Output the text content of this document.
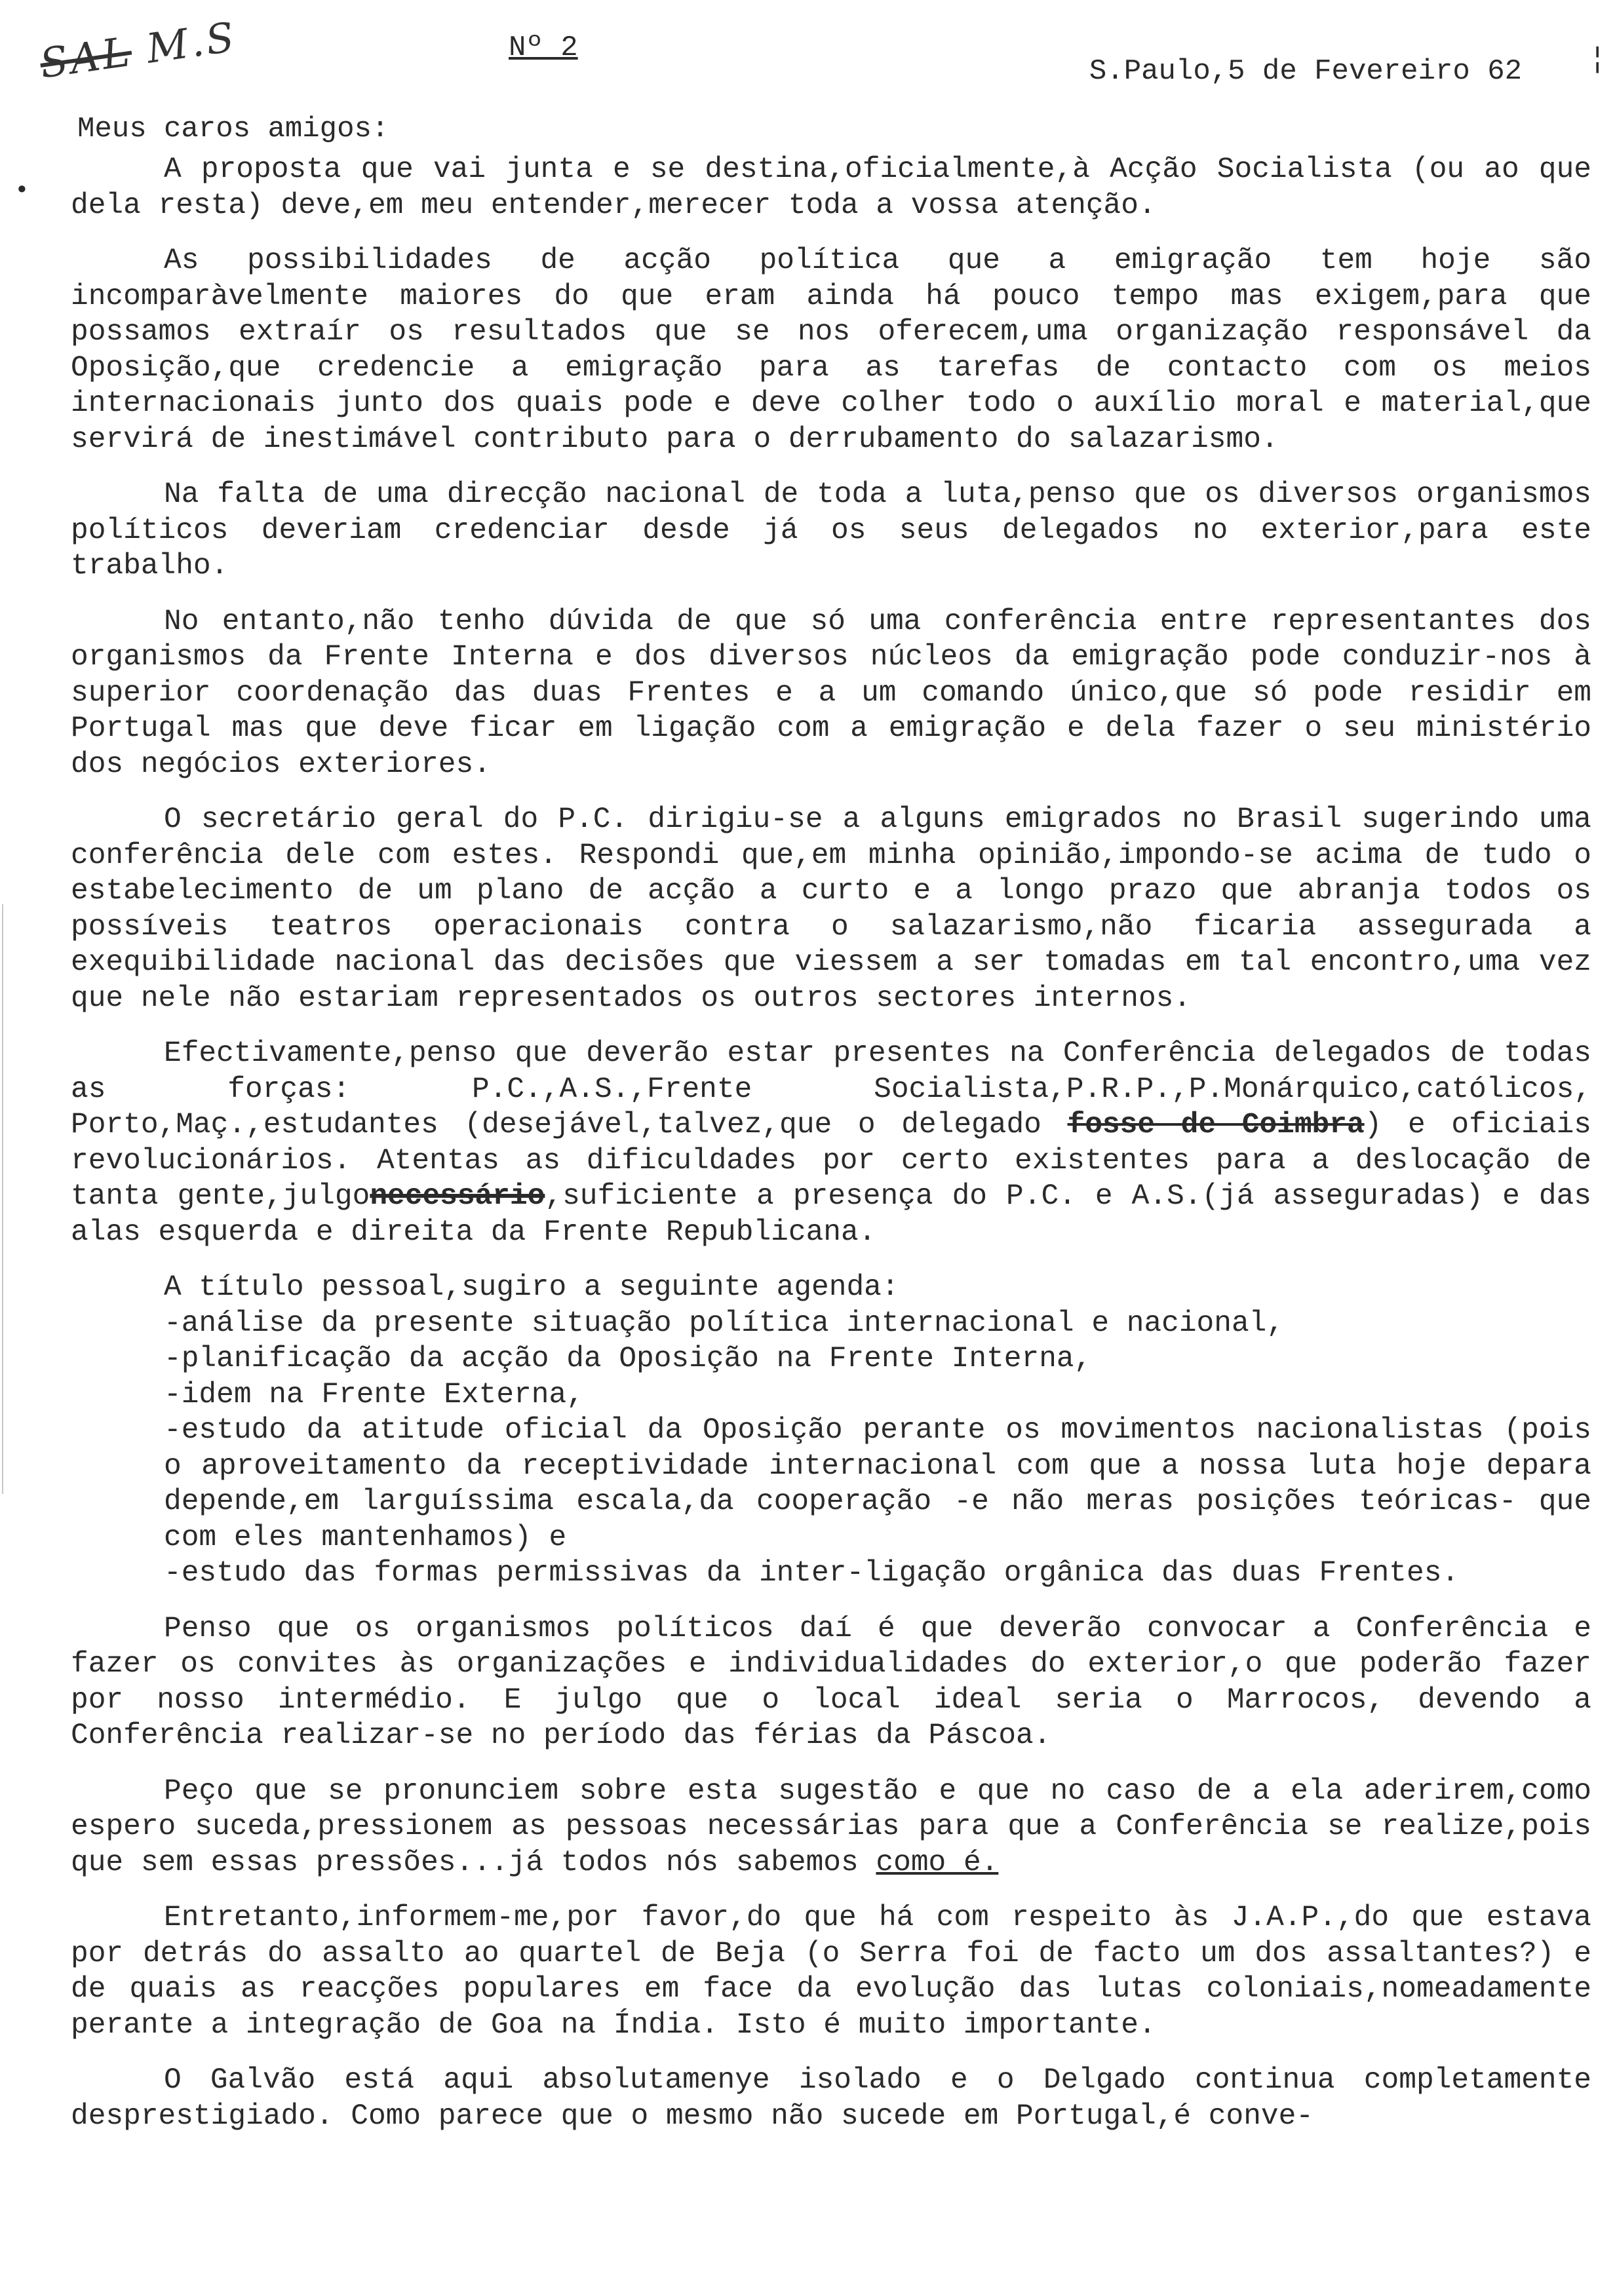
SAL M.S	Nº 2
S.Paulo,5 de Fevereiro 62 ¦
•
Meus caros amigos:

A proposta que vai junta e se destina,oficialmente,à Acção Socialista (ou ao que dela resta) deve,em meu entender,merecer toda a vossa atenção.

As possibilidades de acção política que a emigração tem hoje são incomparàvelmente maiores do que eram ainda há pouco tempo mas exigem,para que possamos extraír os resultados que se nos oferecem,uma organização responsável da Oposição,que credencie a emigração para as tarefas de contacto com os meios internacionais junto dos quais pode e deve colher todo o auxílio moral e material,que servirá de inestimável contributo para o derrubamento do salazarismo.

Na falta de uma direcção nacional de toda a luta,penso que os diversos organismos políticos deveriam credenciar desde já os seus delegados no exterior,para este trabalho.

No entanto,não tenho dúvida de que só uma conferência entre representantes dos organismos da Frente Interna e dos diversos núcleos da emigração pode conduzir-nos à superior coordenação das duas Frentes e a um comando único,que só pode residir em Portugal mas que deve ficar em ligação com a emigração e dela fazer o seu ministério dos negócios exteriores.

O secretário geral do P.C. dirigiu-se a alguns emigrados no Brasil sugerindo uma conferência dele com estes. Respondi que,em minha opinião,impondo-se acima de tudo o estabelecimento de um plano de acção a curto e a longo prazo que abranja todos os possíveis teatros operacionais contra o salazarismo,não ficaria assegurada a exequibilidade nacional das decisões que viessem a ser tomadas em tal encontro,uma vez que nele não estariam representados os outros sectores internos.

Efectivamente,penso que deverão estar presentes na Conferência delegados de todas as forças: P.C.,A.S.,Frente Socialista,P.R.P.,P.Monárquico,católicos, Porto,Maç.,estudantes (desejável,talvez,que o delegado fosse de Coimbra) e oficiais revolucionários. Atentas as dificuldades por certo existentes para a deslocação de tanta gente,julgonecessário,suficiente a presença do P.C. e A.S.(já asseguradas) e das alas esquerda e direita da Frente Republicana.

A título pessoal,sugiro a seguinte agenda:

-análise da presente situação política internacional e nacional,
-planificação da acção da Oposição na Frente Interna,
-idem na Frente Externa,
-estudo da atitude oficial da Oposição perante os movimentos nacionalistas (pois o aproveitamento da receptividade internacional com que a nossa luta hoje depara depende,em larguíssima escala,da cooperação -e não meras posições teóricas- que com eles mantenhamos) e
-estudo das formas permissivas da inter-ligação orgânica das duas Frentes.

Penso que os organismos políticos daí é que deverão convocar a Conferência e fazer os convites às organizações e individualidades do exterior,o que poderão fazer por nosso intermédio. E julgo que o local ideal seria o Marrocos, devendo a Conferência realizar-se no período das férias da Páscoa.

Peço que se pronunciem sobre esta sugestão e que no caso de a ela aderirem,como espero suceda,pressionem as pessoas necessárias para que a Conferência se realize,pois que sem essas pressões...já todos nós sabemos como é.

Entretanto,informem-me,por favor,do que há com respeito às J.A.P.,do que estava por detrás do assalto ao quartel de Beja (o Serra foi de facto um dos assaltantes?) e de quais as reacções populares em face da evolução das lutas coloniais,nomeadamente perante a integração de Goa na Índia. Isto é muito importante.

O Galvão está aqui absolutamenye isolado e o Delgado continua completamente desprestigiado. Como parece que o mesmo não sucede em Portugal,é conve-
